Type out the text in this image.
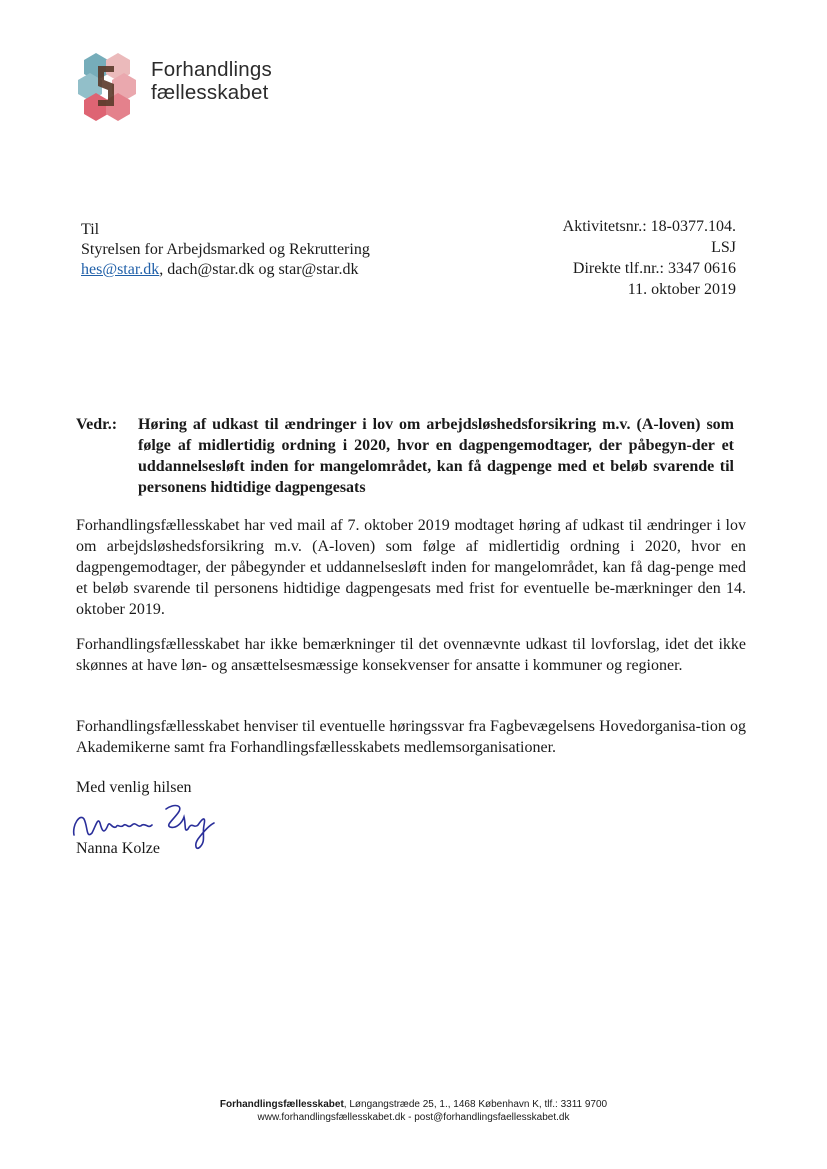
Forhandlings
fællesskabet
Til
Styrelsen for Arbejdsmarked og Rekruttering
hes@star.dk, dach@star.dk og star@star.dk
Aktivitetsnr.: 18-0377.104.
LSJ
Direkte tlf.nr.: 3347 0616
11. oktober 2019
Vedr.: Høring af udkast til ændringer i lov om arbejdsløshedsforsikring m.v. (A-loven) som følge af midlertidig ordning i 2020, hvor en dagpengemodtager, der påbegyn-der et uddannelsesløft inden for mangelområdet, kan få dagpenge med et beløb svarende til personens hidtidige dagpengesats
Forhandlingsfællesskabet har ved mail af 7. oktober 2019 modtaget høring af udkast til ændringer i lov om arbejdsløshedsforsikring m.v. (A-loven) som følge af midlertidig ordning i 2020, hvor en dagpengemodtager, der påbegynder et uddannelsesløft inden for mangelområdet, kan få dag-penge med et beløb svarende til personens hidtidige dagpengesats med frist for eventuelle be-mærkninger den 14. oktober 2019.
Forhandlingsfællesskabet har ikke bemærkninger til det ovennævnte udkast til lovforslag, idet det ikke skønnes at have løn- og ansættelsesmæssige konsekvenser for ansatte i kommuner og regioner.
Forhandlingsfællesskabet henviser til eventuelle høringssvar fra Fagbevægelsens Hovedorganisa-tion og Akademikerne samt fra Forhandlingsfællesskabets medlemsorganisationer.
Med venlig hilsen
Nanna Kolze
Forhandlingsfællesskabet, Løngangstræde 25, 1., 1468 København K, tlf.: 3311 9700
www.forhandlingsfællesskabet.dk - post@forhandlingsfaellesskabet.dk
